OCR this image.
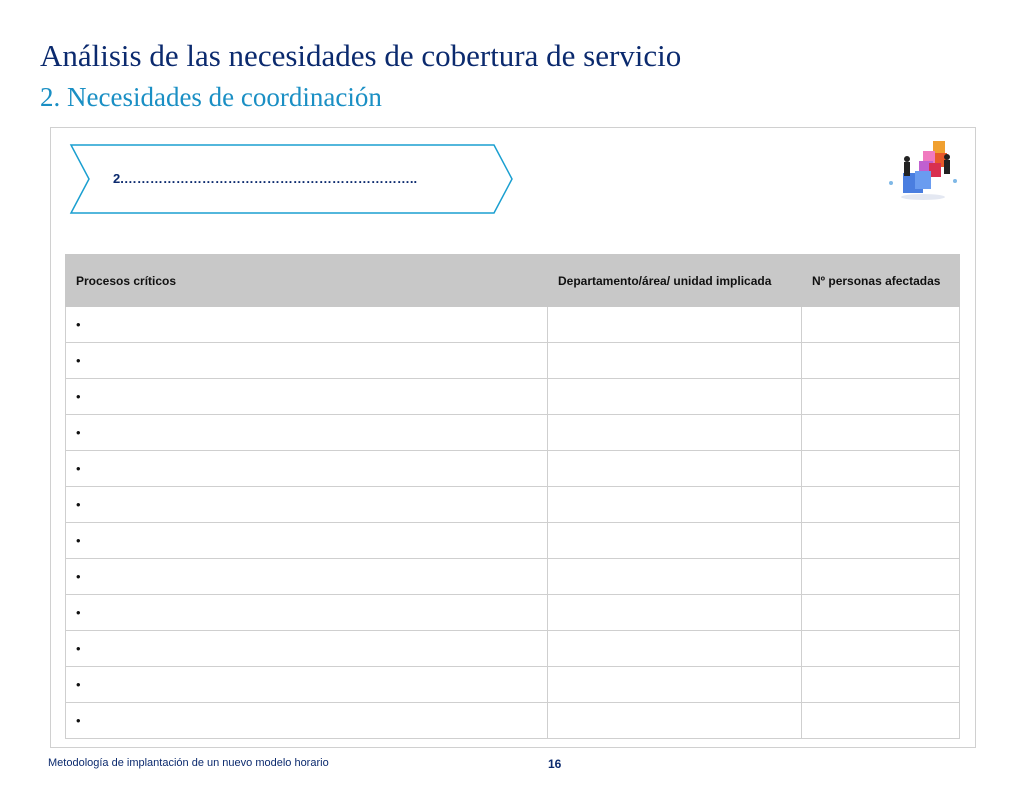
Análisis de las necesidades de cobertura de servicio
2. Necesidades de coordinación
2.…………………………………………………………..
Procesos críticos	Departamento/área/ unidad implicada	Nº personas afectadas
•		
•		
•		
•		
•		
•		
•		
•		
•		
•		
•		
•		
Metodología de implantación de un nuevo modelo horario	16
